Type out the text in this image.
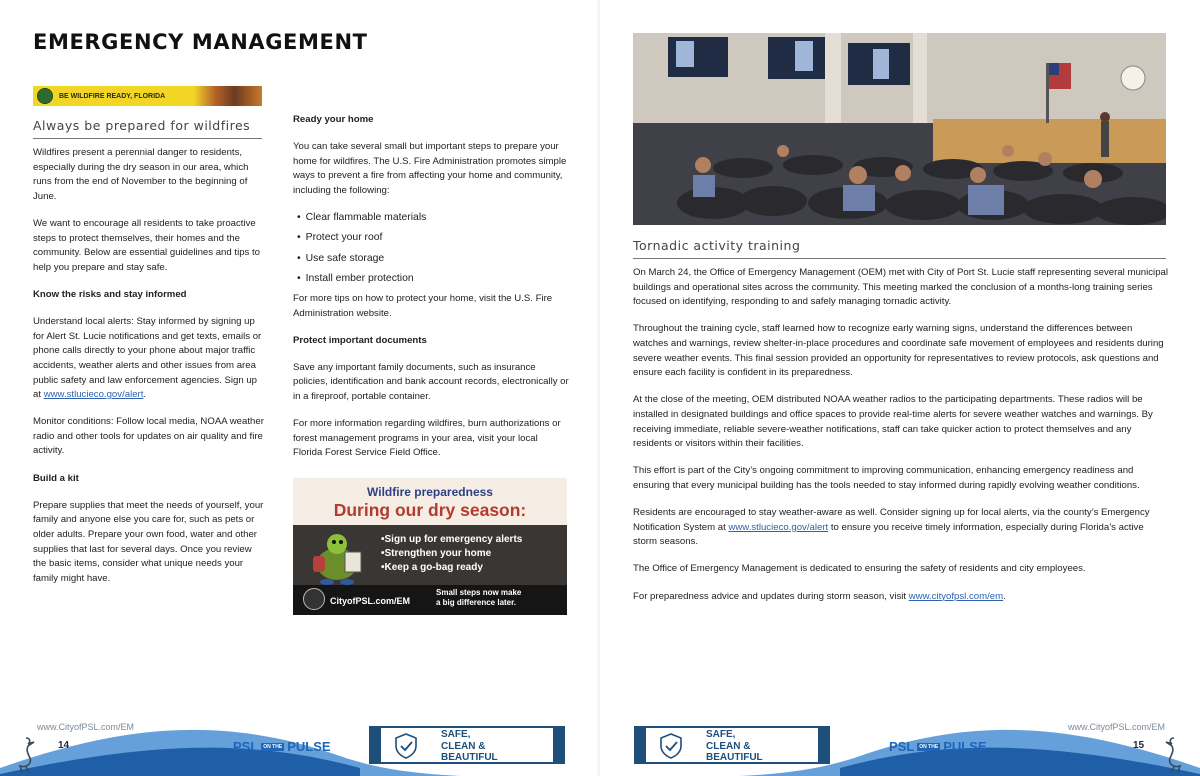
EMERGENCY MANAGEMENT
BE WILDFIRE READY, FLORIDA
Always be prepared for wildfires

Wildfires present a perennial danger to residents, especially during the dry season in our area, which runs from the end of November to the beginning of June.

We want to encourage all residents to take proactive steps to protect themselves, their homes and the community. Below are essential guidelines and tips to help you prepare and stay safe.

Know the risks and stay informed

Understand local alerts: Stay informed by signing up for Alert St. Lucie notifications and get texts, emails or phone calls directly to your phone about major traffic accidents, weather alerts and other issues from area public safety and law enforcement agencies. Sign up at www.stlucieco.gov/alert.

Monitor conditions: Follow local media, NOAA weather radio and other tools for updates on air quality and fire activity.

Build a kit

Prepare supplies that meet the needs of yourself, your family and anyone else you care for, such as pets or older adults. Prepare your own food, water and other supplies that last for several days. Once you review the basic items, consider what unique needs your family might have.

Ready your home

You can take several small but important steps to prepare your home for wildfires. The U.S. Fire Administration promotes simple ways to prevent a fire from affecting your home and community, including the following:

• Clear flammable materials
• Protect your roof
• Use safe storage
• Install ember protection

For more tips on how to protect your home, visit the U.S. Fire Administration website.

Protect important documents

Save any important family documents, such as insurance policies, identification and bank account records, electronically or in a fireproof, portable container.

For more information regarding wildfires, burn authorizations or forest management programs in your area, visit your local Florida Forest Service Field Office.

Wildfire preparedness
During our dry season:
• Sign up for emergency alerts
• Strengthen your home
• Keep a go-bag ready
CityofPSL.com/EM
Small steps now make
a big difference later.
www.CityofPSL.com/EM
14	PSL	ON THE PULSE
SAFE,
CLEAN &
BEAUTIFUL
SAFE,
CLEAN &
BEAUTIFUL
PSL	ON THE PULSE
www.CityofPSL.com/EM
15
Tornadic activity training

On March 24, the Office of Emergency Management (OEM) met with City of Port St. Lucie staff representing several municipal buildings and operational sites across the community. This meeting marked the conclusion of a months-long training series focused on identifying, responding to and safely managing tornadic activity.

Throughout the training cycle, staff learned how to recognize early warning signs, understand the differences between watches and warnings, review shelter-in-place procedures and coordinate safe movement of employees and residents during severe weather events. This final session provided an opportunity for representatives to review protocols, ask questions and ensure each facility is confident in its preparedness.

At the close of the meeting, OEM distributed NOAA weather radios to the participating departments. These radios will be installed in designated buildings and office spaces to provide real-time alerts for severe weather watches and warnings. By receiving immediate, reliable severe-weather notifications, staff can take quicker action to protect themselves and any residents or visitors within their facilities.

This effort is part of the City’s ongoing commitment to improving communication, enhancing emergency readiness and ensuring that every municipal building has the tools needed to stay informed during rapidly evolving weather conditions.

Residents are encouraged to stay weather-aware as well. Consider signing up for local alerts, via the county’s Emergency Notification System at www.stlucieco.gov/alert to ensure you receive timely information, especially during Florida’s active storm seasons.

The Office of Emergency Management is dedicated to ensuring the safety of residents and city employees.

For preparedness advice and updates during storm season, visit www.cityofpsl.com/em.
